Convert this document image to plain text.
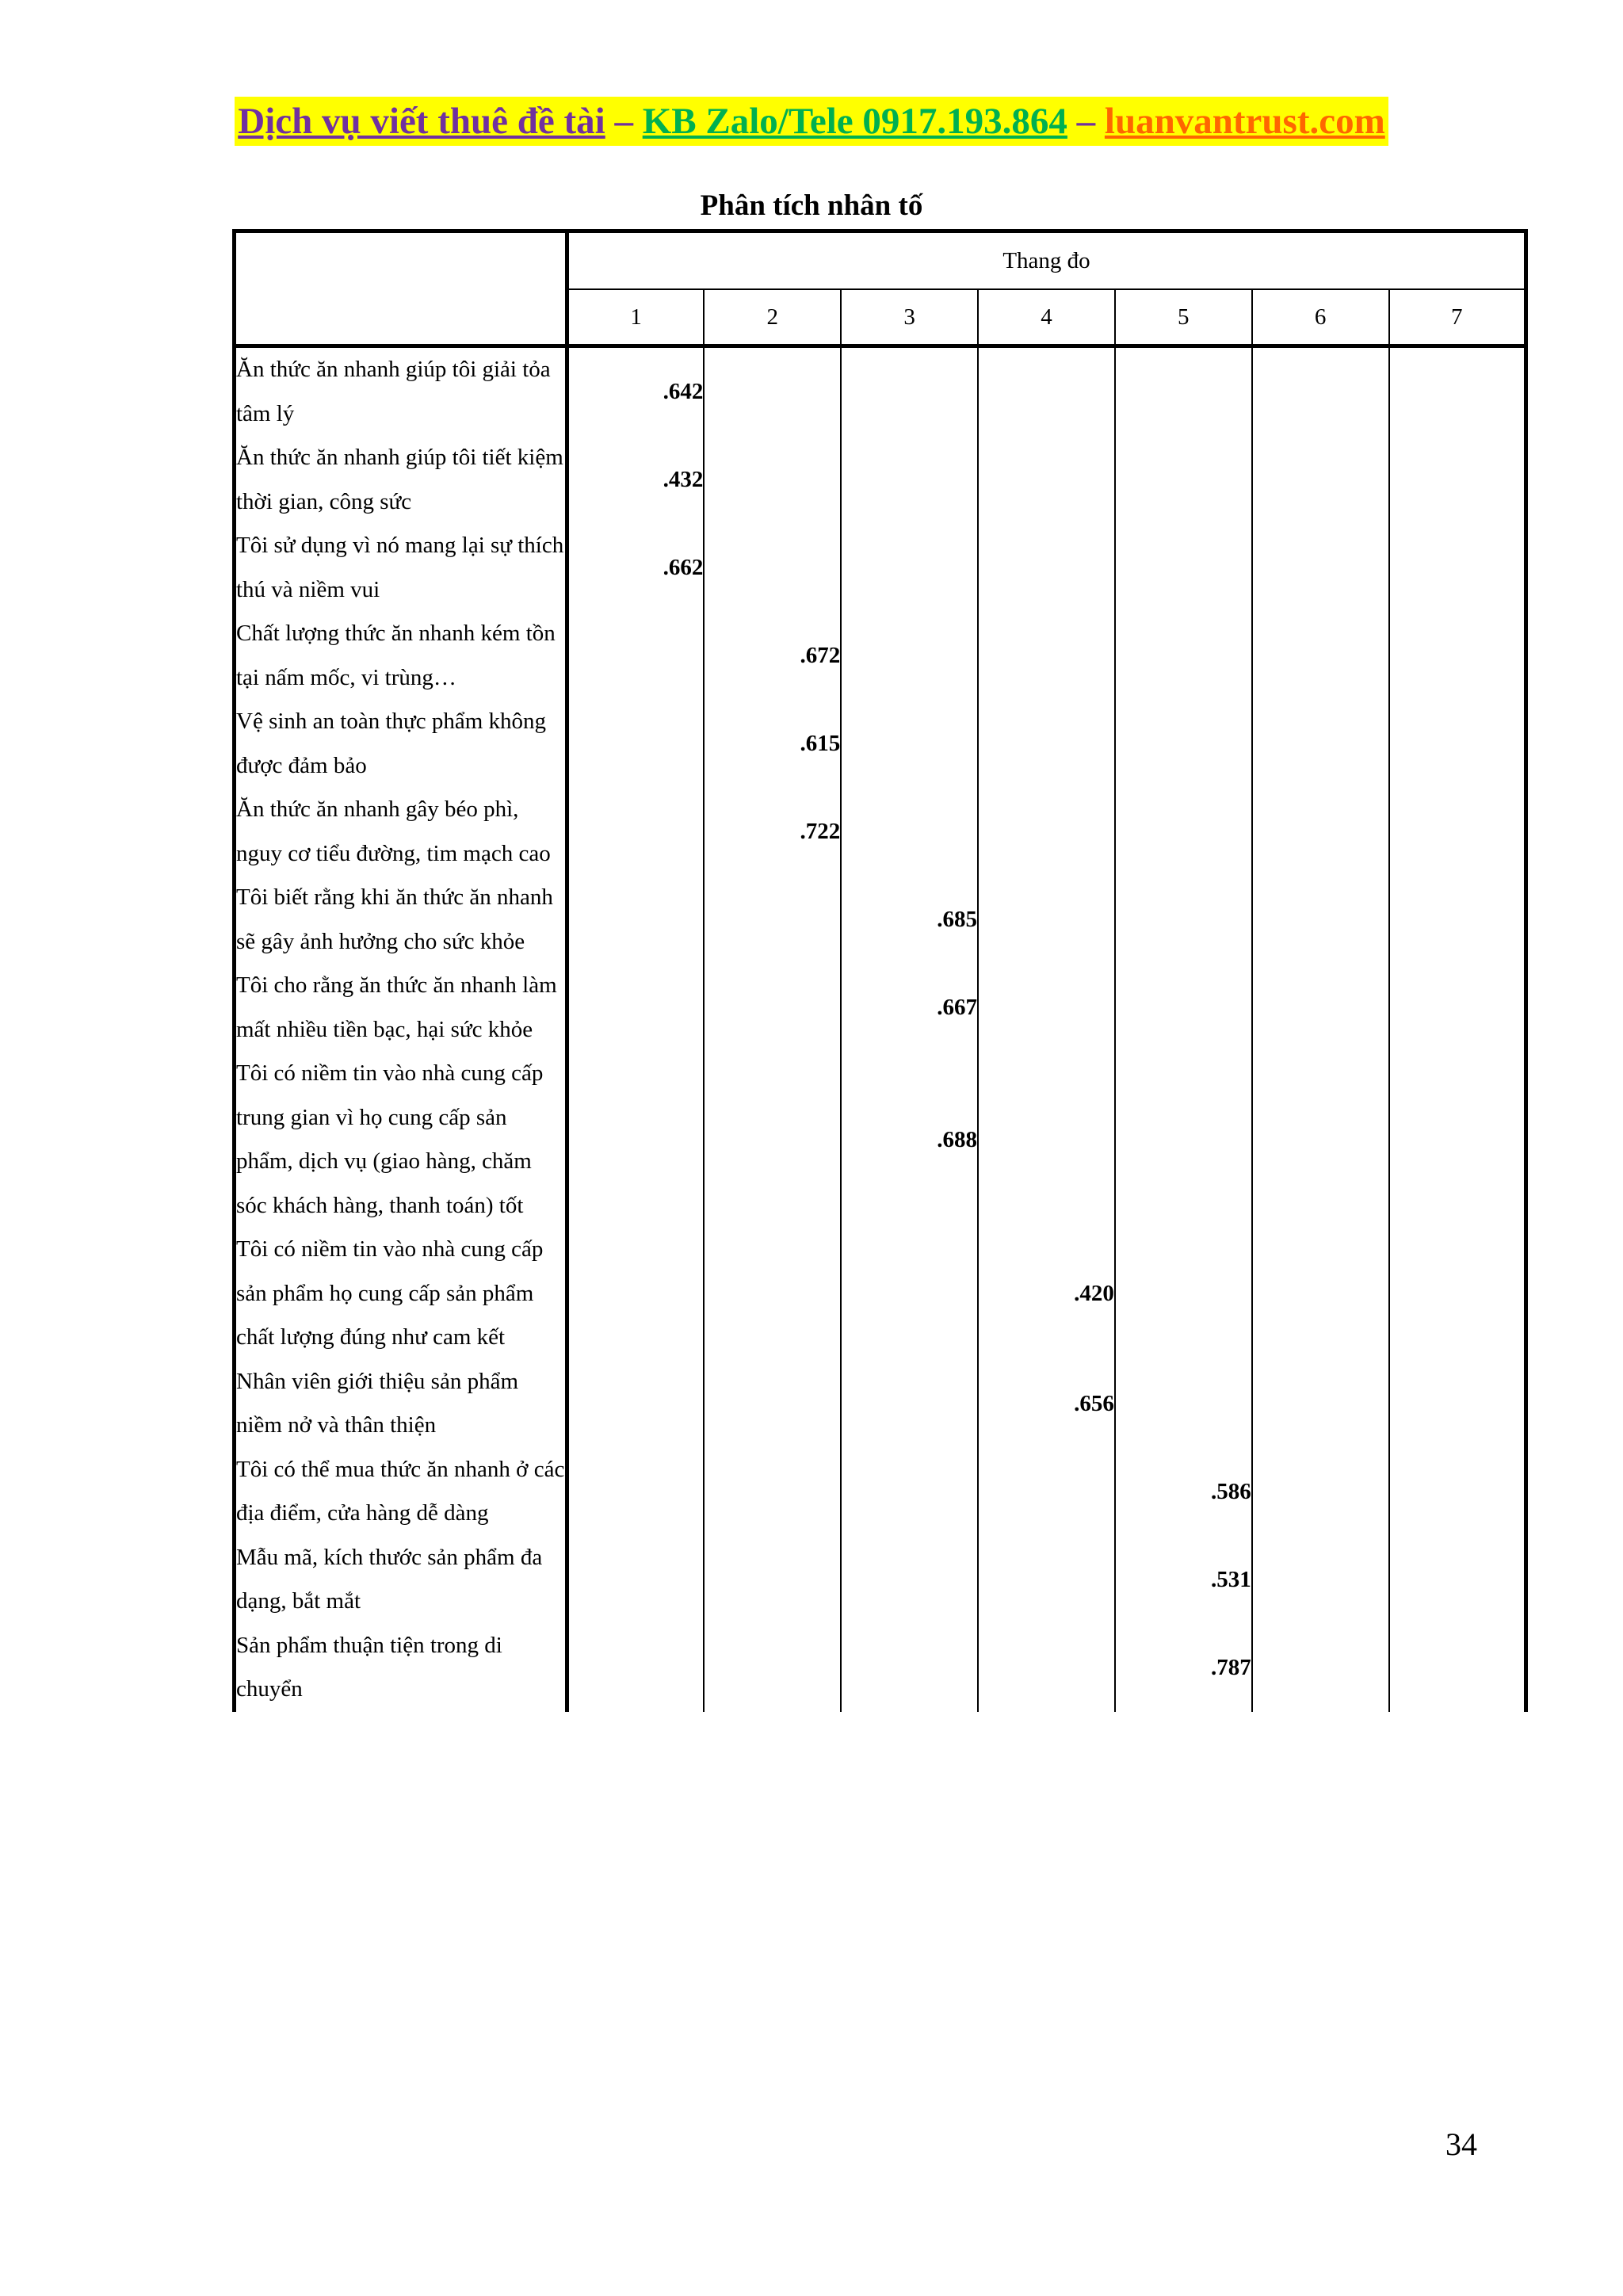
Dịch vụ viết thuê đề tài – KB Zalo/Tele 0917.193.864 – luanvantrust.com
Phân tích nhân tố
	Thang đo						
	1	2	3	4	5	6	7
Ăn thức ăn nhanh giúp tôi giải tỏa tâm lý	.642						
Ăn thức ăn nhanh giúp tôi tiết kiệm thời gian, công sức	.432						
Tôi sử dụng vì nó mang lại sự thích thú và niềm vui	.662						
Chất lượng thức ăn nhanh kém tồn tại nấm mốc, vi trùng…		.672					
Vệ sinh an toàn thực phẩm không được đảm bảo		.615					
Ăn thức ăn nhanh gây béo phì, nguy cơ tiểu đường, tim mạch cao		.722					
Tôi biết rằng khi ăn thức ăn nhanh sẽ gây ảnh hưởng cho sức khỏe			.685				
Tôi cho rằng ăn thức ăn nhanh làm mất nhiều tiền bạc, hại sức khỏe			.667				
Tôi có niềm tin vào nhà cung cấp trung gian vì họ cung cấp sản phẩm, dịch vụ (giao hàng, chăm sóc khách hàng, thanh toán) tốt			.688				
Tôi có niềm tin vào nhà cung cấp sản phẩm họ cung cấp sản phẩm chất lượng đúng như cam kết				.420			
Nhân viên giới thiệu sản phẩm niềm nở và thân thiện				.656			
Tôi có thể mua thức ăn nhanh ở các địa điểm, cửa hàng dễ dàng					.586		
Mẫu mã, kích thước sản phẩm đa dạng, bắt mắt					.531		
Sản phẩm thuận tiện trong di chuyển					.787		
34
